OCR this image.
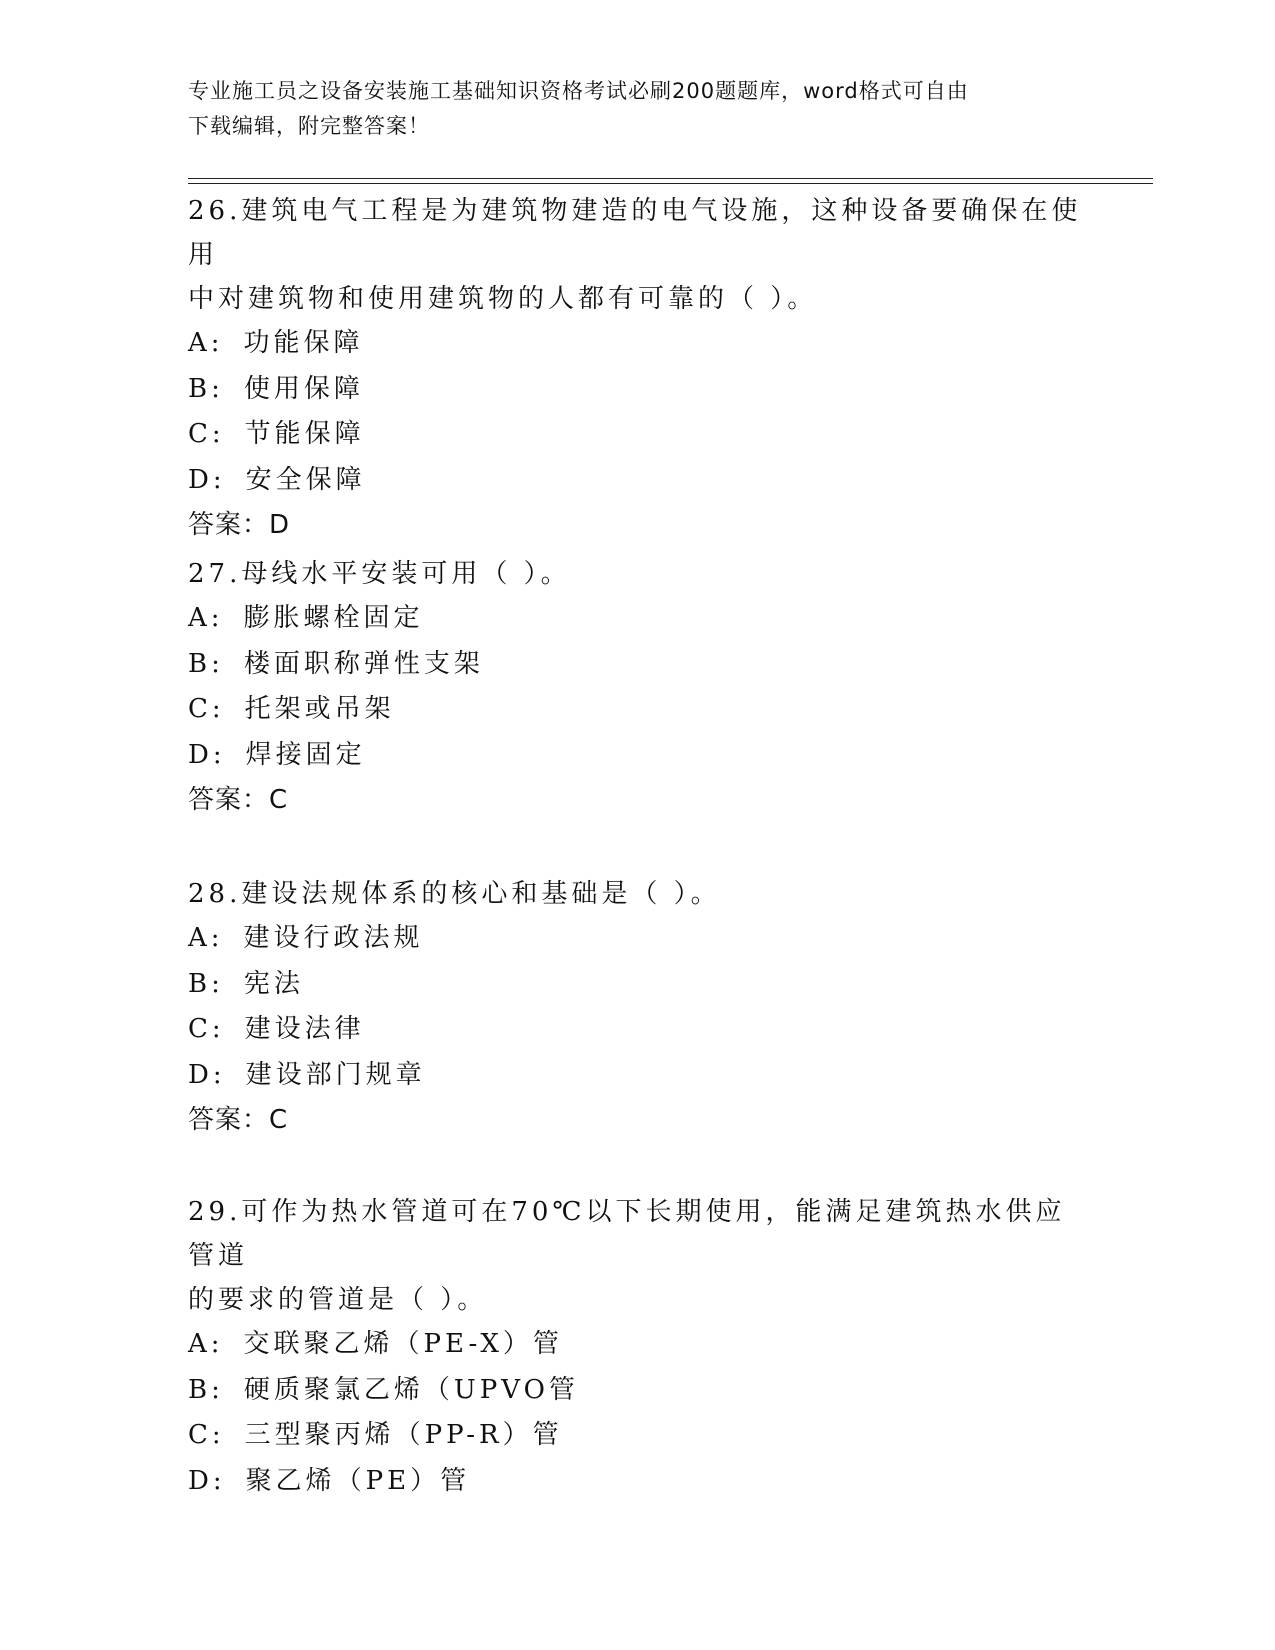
专业施工员之设备安装施工基础知识资格考试必刷200题题库，word格式可自由
下载编辑，附完整答案！

26.建筑电气工程是为建筑物建造的电气设施，这种设备要确保在使用

中对建筑物和使用建筑物的人都有可靠的（ ）。

A: 功能保障

B: 使用保障

C: 节能保障

D: 安全保障

答案：D

27.母线水平安装可用（ ）。

A: 膨胀螺栓固定

B: 楼面职称弹性支架

C: 托架或吊架

D: 焊接固定

答案：C

28.建设法规体系的核心和基础是（ ）。

A: 建设行政法规

B: 宪法

C: 建设法律

D: 建设部门规章

答案：C

29.可作为热水管道可在70℃以下长期使用，能满足建筑热水供应管道

的要求的管道是（ ）。

A: 交联聚乙烯（PE-X）管

B: 硬质聚氯乙烯（UPVO管

C: 三型聚丙烯（PP-R）管

D: 聚乙烯（PE）管
